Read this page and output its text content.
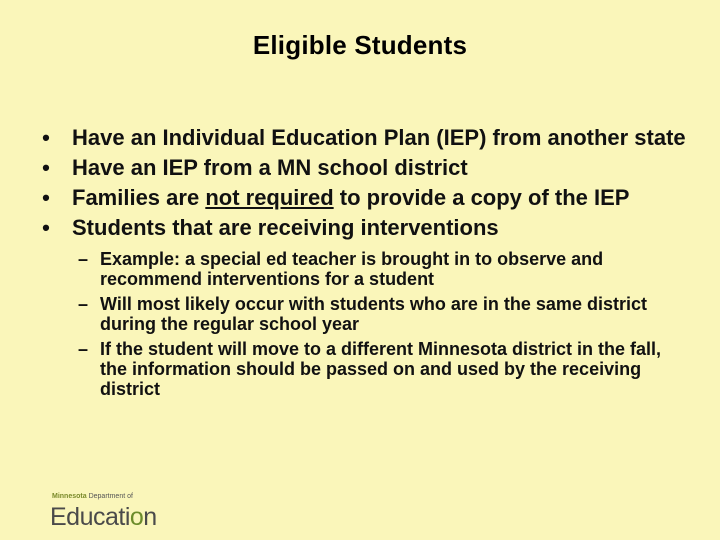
Eligible Students
• Have an Individual Education Plan (IEP) from another state
• Have an IEP from a MN school district
• Families are not required to provide a copy of the IEP
• Students that are receiving interventions
– Example: a special ed teacher is brought in to observe and recommend interventions for a student
– Will most likely occur with students who are in the same district during the regular school year
– If the student will move to a different Minnesota district in the fall, the information should be passed on and used by the receiving district
Minnesota Department of
Education
